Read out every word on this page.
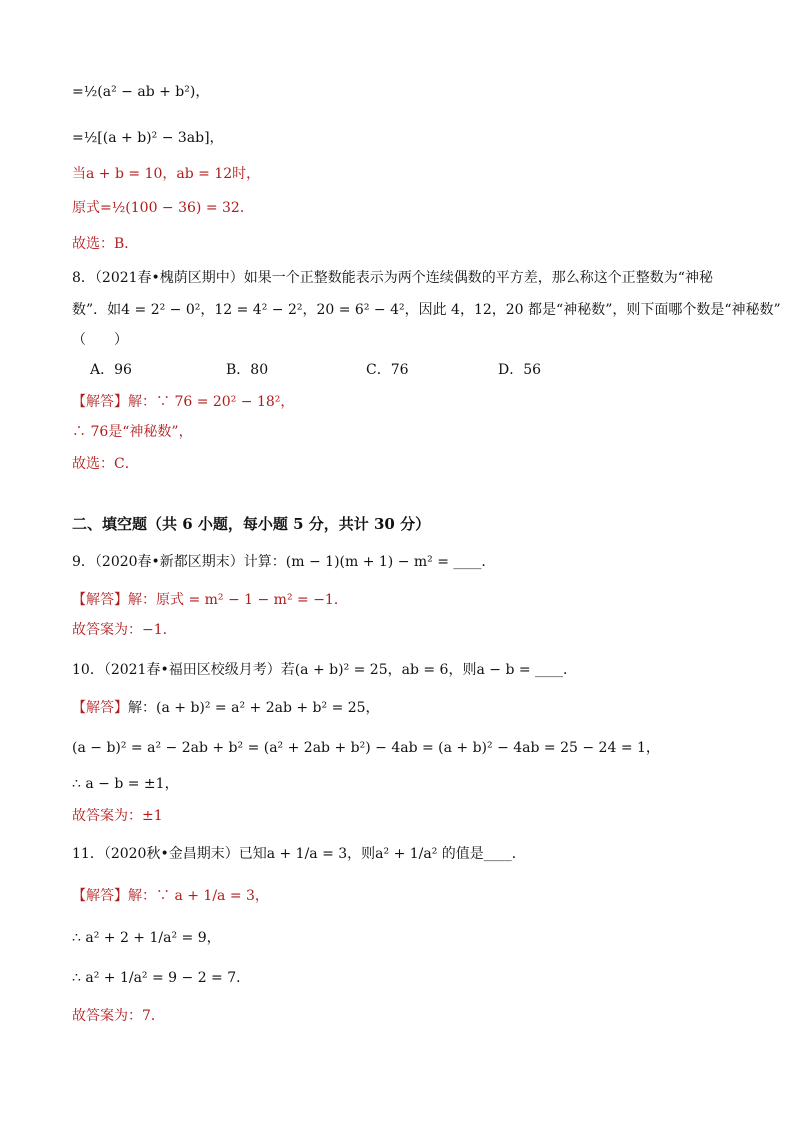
=½(a² − ab + b²)，
=½[(a + b)² − 3ab]，
当a + b = 10，ab = 12时，
原式=½(100 − 36) = 32．
故选：B．
8．（2021春•槐荫区期中）如果一个正整数能表示为两个连续偶数的平方差，那么称这个正整数为“神秘
数”．如4 = 2² − 0²，12 = 4² − 2²，20 = 6² − 4²，因此 4，12，20 都是“神秘数”，则下面哪个数是“神秘数”
（　　）
A．96	B．80	C．76	D．56
【解答】解：∵ 76 = 20² − 18²，
∴ 76是“神秘数”，
故选：C．
二、填空题（共 6 小题，每小题 5 分，共计 30 分）
9．（2020春•新都区期末）计算：(m − 1)(m + 1) − m² = ____．
【解答】解：原式 = m² − 1 − m² = −1．
故答案为：−1．
10．（2021春•福田区校级月考）若(a + b)² = 25，ab = 6，则a − b = ____．
【解答】解：(a + b)² = a² + 2ab + b² = 25，
(a − b)² = a² − 2ab + b² = (a² + 2ab + b²) − 4ab = (a + b)² − 4ab = 25 − 24 = 1，
∴ a − b = ±1，
故答案为：±1
11．（2020秋•金昌期末）已知a + 1/a = 3，则a² + 1/a² 的值是____．
【解答】解：∵ a + 1/a = 3，
∴ a² + 2 + 1/a² = 9，
∴ a² + 1/a² = 9 − 2 = 7．
故答案为：7．
